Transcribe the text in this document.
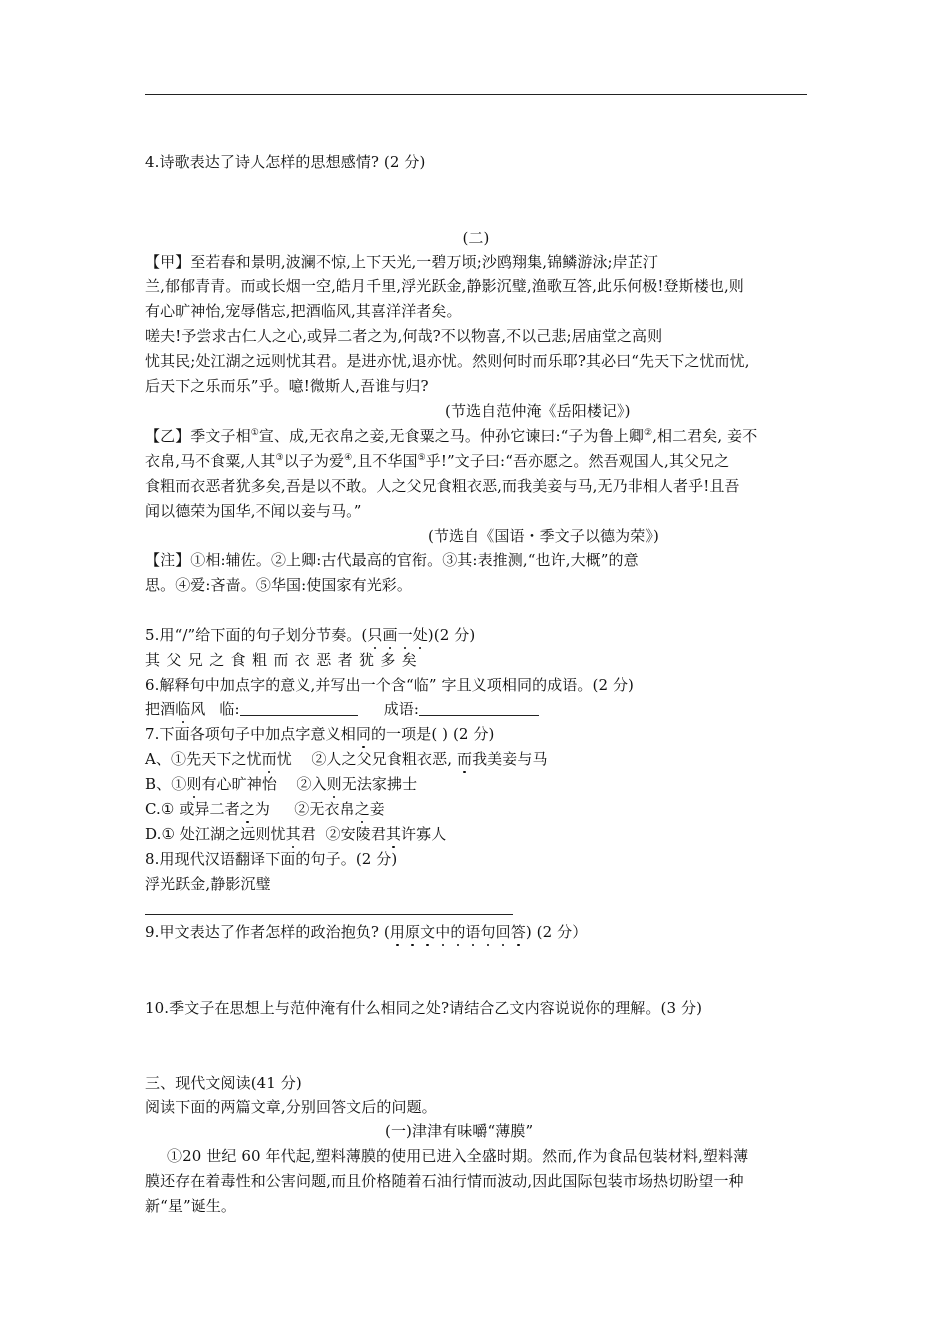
4.诗歌表达了诗人怎样的思想感情? (2 分)
(二)
【甲】至若春和景明,波澜不惊,上下天光,一碧万顷;沙鸥翔集,锦鳞游泳;岸芷汀
兰,郁郁青青。而或长烟一空,皓月千里,浮光跃金,静影沉璧,渔歌互答,此乐何极!登斯楼也,则
有心旷神怡,宠辱偕忘,把酒临风,其喜洋洋者矣。
嗟夫!予尝求古仁人之心,或异二者之为,何哉?不以物喜,不以己悲;居庙堂之高则
忧其民;处江湖之远则忧其君。是进亦忧,退亦忧。然则何时而乐耶?其必曰“先天下之忧而忧,
后天下之乐而乐”乎。噫!微斯人,吾谁与归?
(节选自范仲淹《岳阳楼记》)
【乙】季文子相①宣、成,无衣帛之妾,无食粟之马。仲孙它谏曰:“子为鲁上卿②,相二君矣, 妾不
衣帛,马不食粟,人其③以子为爱④,且不华国⑤乎!”文子曰:“吾亦愿之。然吾观国人,其父兄之
食粗而衣恶者犹多矣,吾是以不敢。人之父兄食粗衣恶,而我美妾与马,无乃非相人者乎!且吾
闻以德荣为国华,不闻以妾与马。”
(节选自《国语・季文子以德为荣》)
【注】①相:辅佐。②上卿:古代最高的官衔。③其:表推测,“也许,大概”的意
思。④爱:吝啬。⑤华国:使国家有光彩。
5.用“/”给下面的句子划分节奏。(只画一处)(2 分)
其父兄之食粗而衣恶者犹多矣
6.解释句中加点字的意义,并写出一个含“临” 字且义项相同的成语。(2 分)
把酒临风 临:	成语:
7.下面各项句子中加点字意义相同的一项是( ) (2 分)
A、①先天下之忧而忧    ②人之父兄食粗衣恶, 而我美妾与马
B、①则有心旷神怡    ②入则无法家拂士
C.① 或异二者之为     ②无衣帛之妾
D.① 处江湖之远则忧其君  ②安陵君其许寡人
8.用现代汉语翻译下面的句子。(2 分)
浮光跃金,静影沉璧
9.甲文表达了作者怎样的政治抱负? (用原文中的语句回答) (2 分）
10.季文子在思想上与范仲淹有什么相同之处?请结合乙文内容说说你的理解。(3 分)
三、现代文阅读(41 分)
阅读下面的两篇文章,分别回答文后的问题。
(一)津津有味嚼“薄膜”
①20 世纪 60 年代起,塑料薄膜的使用已进入全盛时期。然而,作为食品包装材料,塑料薄
膜还存在着毒性和公害问题,而且价格随着石油行情而波动,因此国际包装市场热切盼望一种
新“星”诞生。
